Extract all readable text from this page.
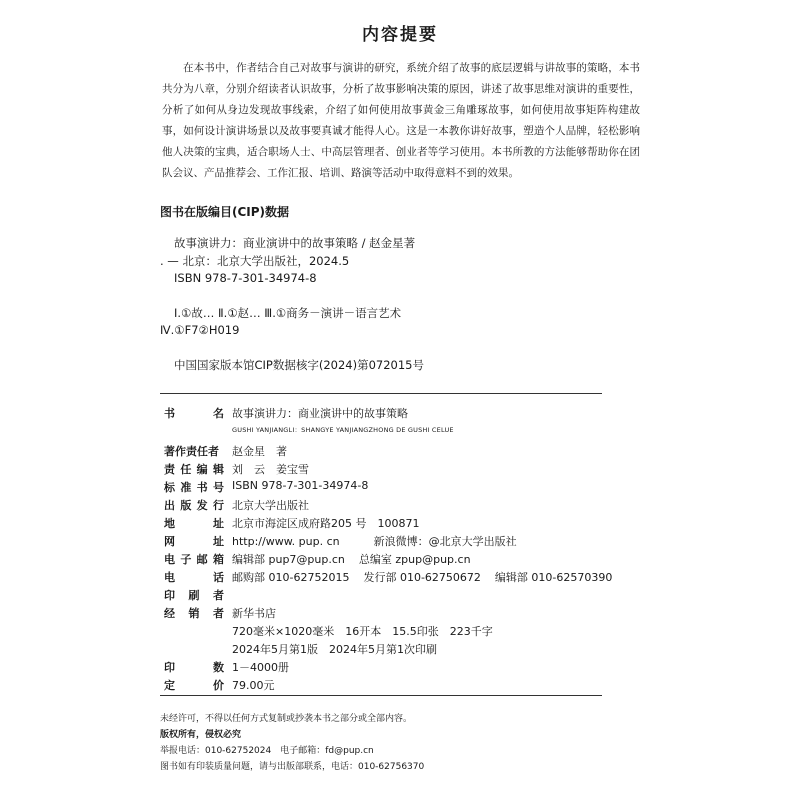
内容提要
在本书中，作者结合自己对故事与演讲的研究，系统介绍了故事的底层逻辑与讲故事的策略，本书共分为八章，分别介绍读者认识故事，分析了故事影响决策的原因，讲述了故事思维对演讲的重要性，分析了如何从身边发现故事线索，介绍了如何使用故事黄金三角雕琢故事，如何使用故事矩阵构建故事，如何设计演讲场景以及故事要真诚才能得人心。这是一本教你讲好故事，塑造个人品牌，轻松影响他人决策的宝典，适合职场人士、中高层管理者、创业者等学习使用。本书所教的方法能够帮助你在团队会议、产品推荐会、工作汇报、培训、路演等活动中取得意料不到的效果。
图书在版编目(CIP)数据
故事演讲力：商业演讲中的故事策略 / 赵金星著
. — 北京：北京大学出版社，2024.5
ISBN 978-7-301-34974-8
Ⅰ.①故… Ⅱ.①赵… Ⅲ.①商务－演讲－语言艺术
Ⅳ.①F7②H019
中国国家版本馆CIP数据核字(2024)第072015号
书	名 故事演讲力：商业演讲中的故事策略
GUSHI YANJIANGLI：SHANGYE YANJIANGZHONG DE GUSHI CELUE
著作责任者	赵金星　著
责 任 编 辑 刘　云　姜宝雪
标 准 书 号 ISBN 978-7-301-34974-8
出 版 发 行 北京大学出版社
地	址 北京市海淀区成府路205 号　100871
网	址 http://www. pup. cn	新浪微博：@北京大学出版社
电 子 邮 箱 编辑部 pup7@pup.cn 总编室 zpup@pup.cn
电	话 邮购部 010-62752015 发行部 010-62750672 编辑部 010-62570390
印 刷 者
经 销 者 新华书店
720毫米×1020毫米　16开本　15.5印张　223千字
2024年5月第1版　2024年5月第1次印刷
印	数 1－4000册
定	价 79.00元
未经许可，不得以任何方式复制或抄袭本书之部分或全部内容。
版权所有，侵权必究
举报电话：010-62752024　电子邮箱：fd@pup.cn
图书如有印装质量问题，请与出版部联系，电话：010-62756370
